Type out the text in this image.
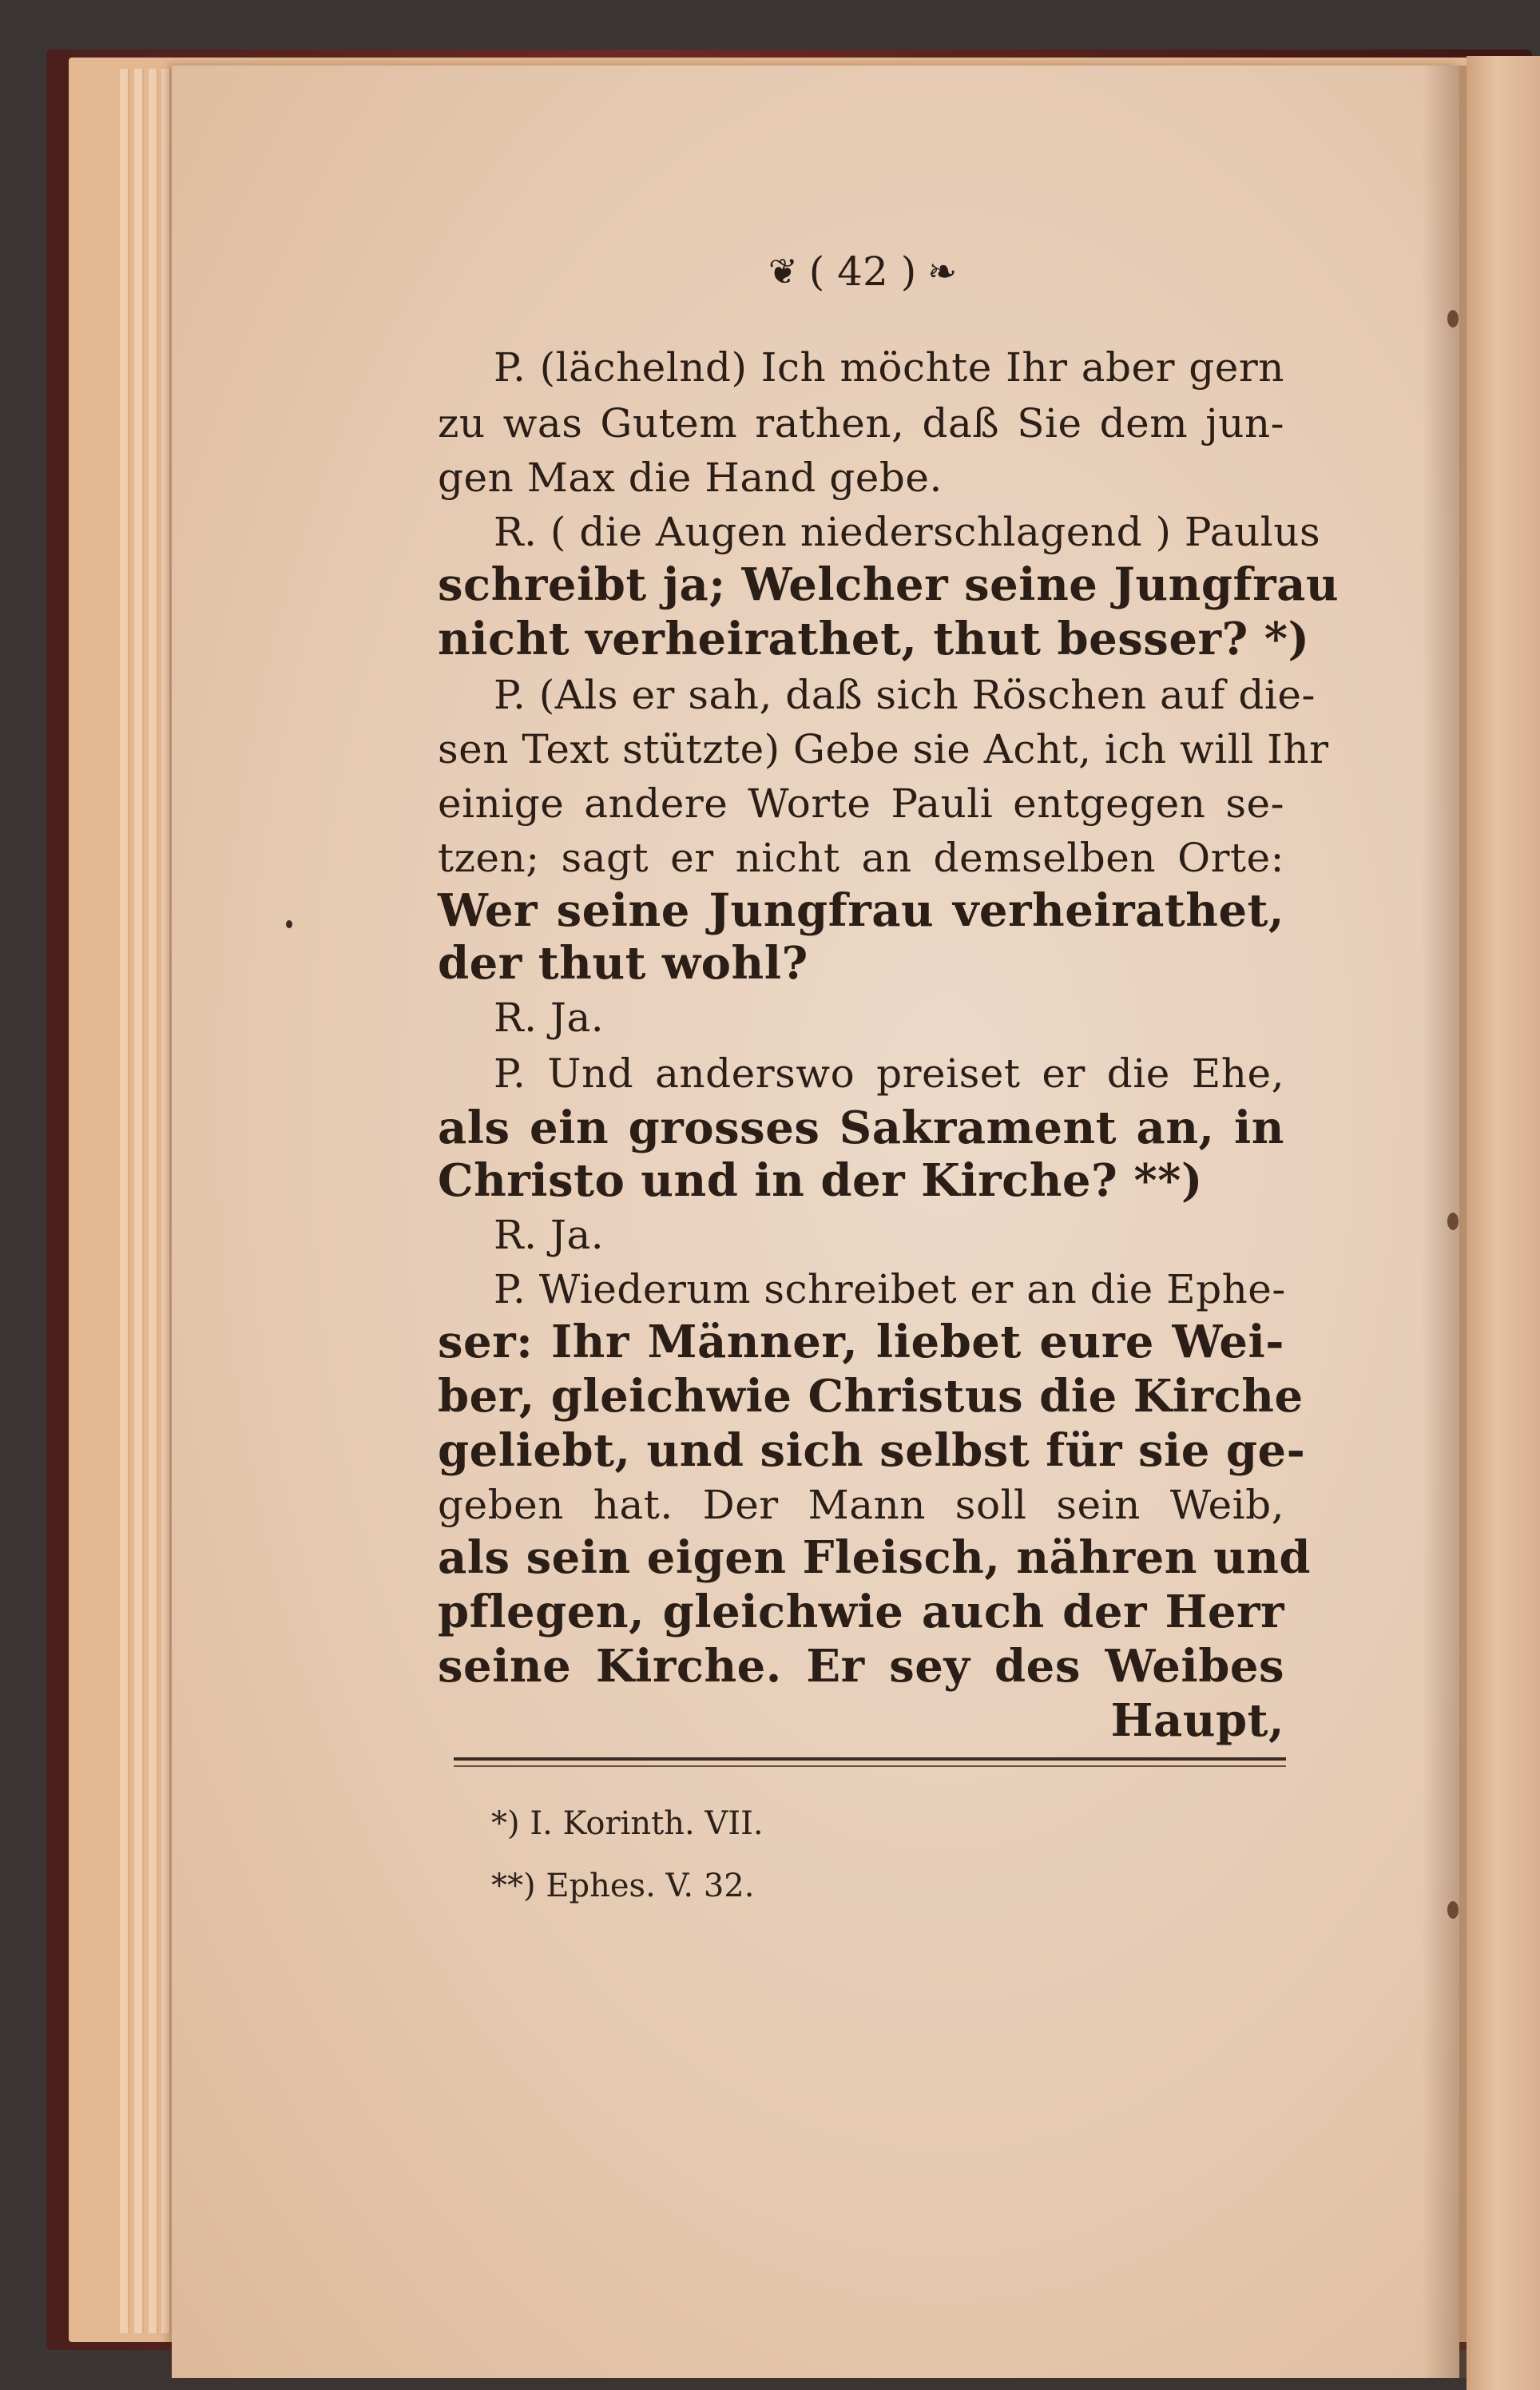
❦ ( 42 ) ❧
P. (lächelnd) Ich möchte Ihr aber gern
zu was Gutem rathen, daß Sie dem jun-
gen Max die Hand gebe.
R. ( die Augen niederschlagend ) Paulus
schreibt ja; Welcher seine Jungfrau
nicht verheirathet, thut besser? *)
P. (Als er sah, daß sich Röschen auf die-
sen Text stützte) Gebe sie Acht, ich will Ihr
einige andere Worte Pauli entgegen se-
tzen; sagt er nicht an demselben Orte:
Wer seine Jungfrau verheirathet,
der thut wohl?
R. Ja.
P. Und anderswo preiset er die Ehe,
als ein grosses Sakrament an, in
Christo und in der Kirche? **)
R. Ja.
P. Wiederum schreibet er an die Ephe-
ser: Ihr Männer, liebet eure Wei-
ber, gleichwie Christus die Kirche
geliebt, und sich selbst für sie ge-
geben hat. Der Mann soll sein Weib,
als sein eigen Fleisch, nähren und
pflegen, gleichwie auch der Herr
seine Kirche. Er sey des Weibes
Haupt,
*) I. Korinth. VII.
**) Ephes. V. 32.
